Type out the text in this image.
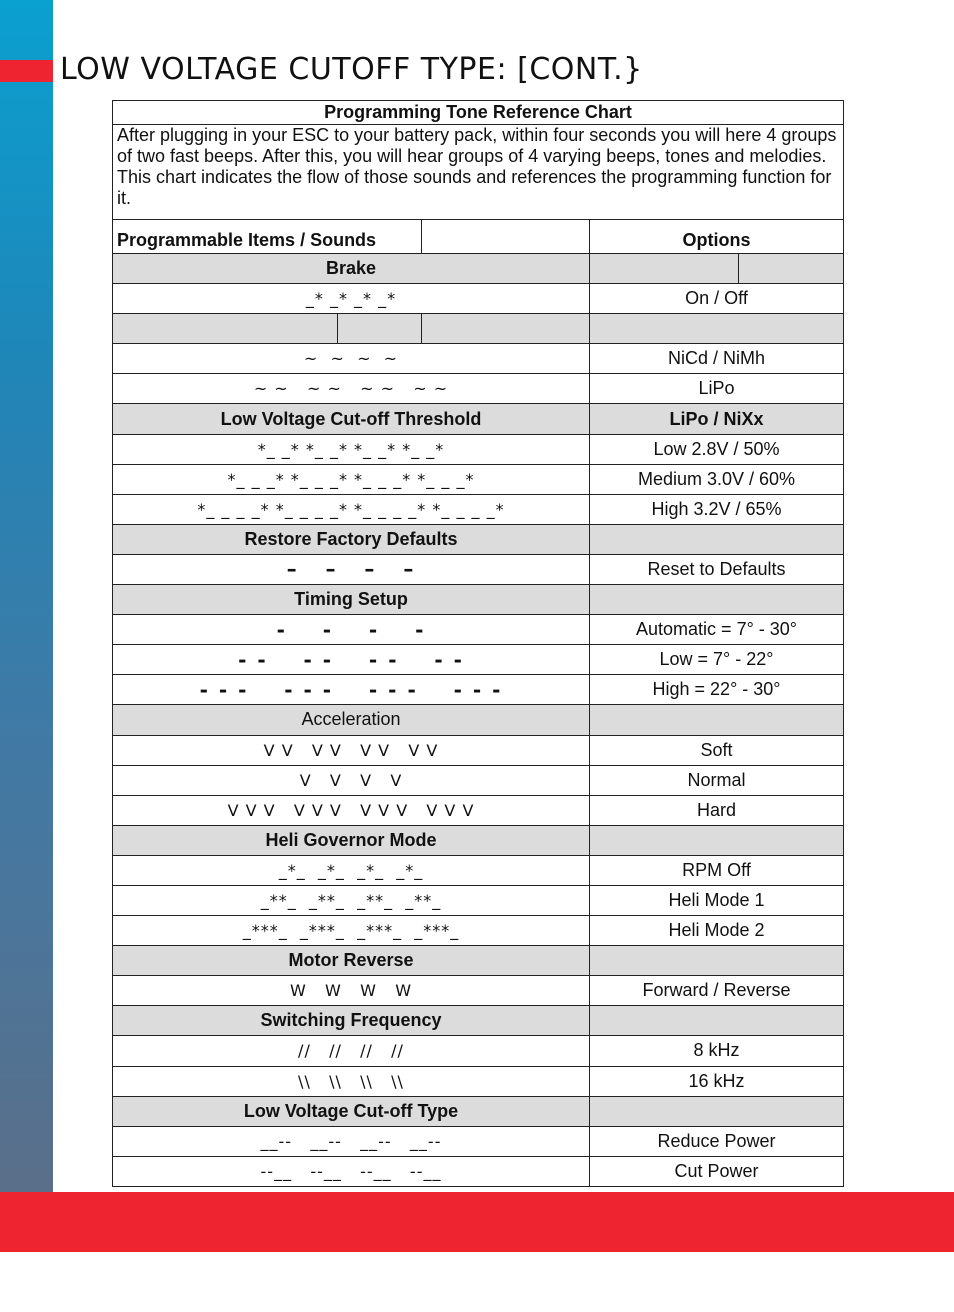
LOW VOLTAGE CUTOFF TYPE: [CONT.}
Programming Tone Reference Chart				
After plugging in your ESC to your battery pack, within four seconds you will here 4 groups of two fast beeps. After this, you will hear groups of 4 varying beeps, tones and melodies. This chart indicates the flow of those sounds and references the programming function for it.				
Programmable Items / Sounds			Options	
Brake				
_* _* _* _*			On / Off	

~  ~  ~  ~			NiCd / NiMh	
~ ~   ~ ~   ~ ~   ~ ~			LiPo	
Low Voltage Cut-off Threshold			LiPo / NiXx	
*_ _* *_ _* *_ _* *_ _*			Low 2.8V / 50%	
*_ _ _* *_ _ _* *_ _ _* *_ _ _*			Medium 3.0V / 60%	
*_ _ _ _* *_ _ _ _* *_ _ _ _* *_ _ _ _*			High 3.2V / 65%	
Restore Factory Defaults				
–   –   –   –			Reset to Defaults	
Timing Setup				
-    -    -    -			Automatic = 7° - 30°	
- -    - -    - -    - -			Low = 7° - 22°	
- - -    - - -    - - -    - - -			High = 22° - 30°	
Acceleration				
V V   V V   V V   V V			Soft	
V   V   V   V			Normal	
V V V   V V V   V V V   V V V			Hard	
Heli Governor Mode				
_*_  _*_  _*_  _*_			RPM Off	
_**_  _**_  _**_  _**_			Heli Mode 1	
_***_  _***_  _***_  _***_			Heli Mode 2	
Motor Reverse				
W   W   W   W			Forward / Reverse	
Switching Frequency				
//   //   //   //			8 kHz	
\\   \\   \\   \\			16 kHz	
Low Voltage Cut-off Type				
__--   __--   __--   __--			Reduce Power	
--__   --__   --__   --__			Cut Power	
